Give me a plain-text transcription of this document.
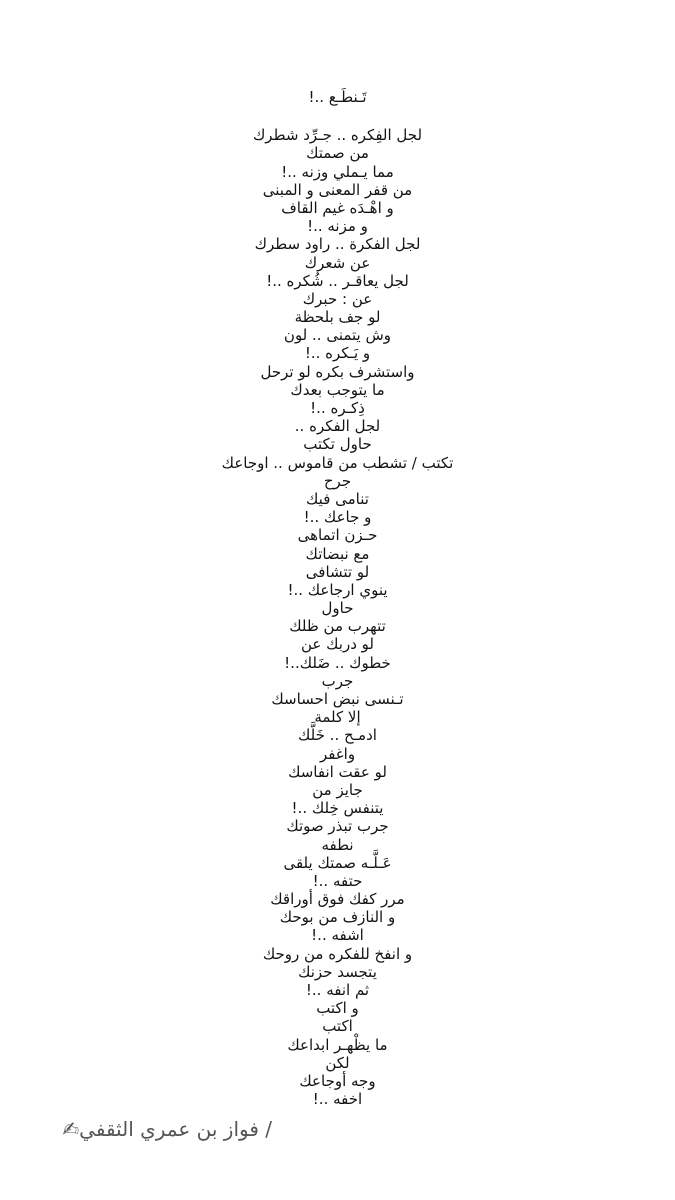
تَـنطَـع ..!
لجل الفِكره .. جـرِّد شطرك
من صمتك
مما يـملي وزنه ..!
من قفر المعنى و المبنى
و اهْـدَه غيم القاف
و مزنه ..!
لجل الفكرة .. راود سطرك
عن شعرك
لجل يعاقـر .. شُكره ..!
عن : حبرك
لو جف بلحظة
وش يتمنى .. لون
و يَـكره ..!
واستشرف بكره لو ترحل
ما يتوجب بعدك
ذِكـره ..!
لجل الفكره ..
حاول تكتب
تكتب / تشطب من قاموس .. اوجاعك
جرح
تنامى فيك
و جاعك ..!
حـزن اتماهى
مع نبضاتك
لو تتشافى
ينوي ارجاعك ..!
حاول
تتهرب من ظلك
لو دربك عن
خطوك .. ضَلك..!
جرب
تـنسى نبض احساسك
إلا كلمة
ادمـح .. خَلَّك
واغفر
لو عقت انفاسك
جايز من
يتنفس خِلك ..!
جرب تبذر صوتك
نطفه
عَـلَّـه صمتك يلقى
حتفه ..!
مرر كفك فوق أوراقك
و النازف من بوحك
اشفه ..!
و انفخ للفكره من روحك
يتجسد حزنك
ثم انفه ..!
و اكتب
اكتب
ما يظْهـر ابداعك
لكن
وجه أوجاعك
اخفه ..!
/ فواز بن عمري الثقفي✍
